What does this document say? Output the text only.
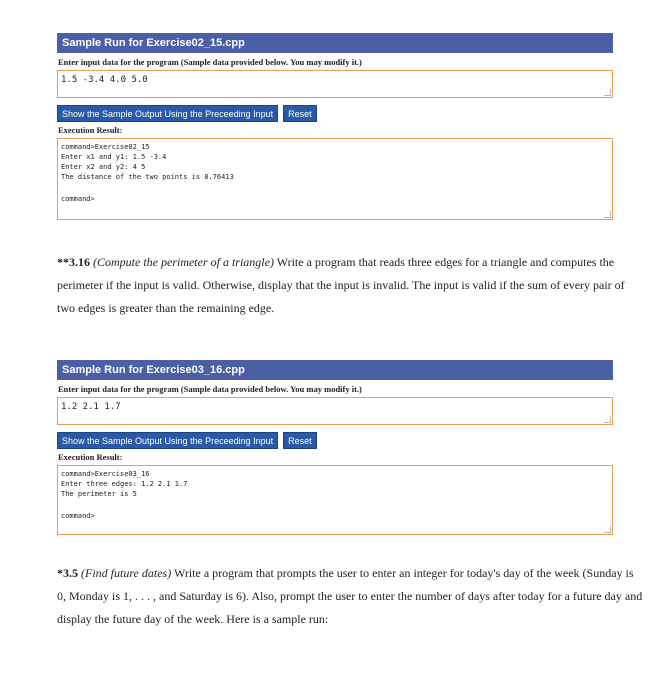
Sample Run for Exercise02_15.cpp
Enter input data for the program (Sample data provided below. You may modify it.)
1.5 -3.4 4.0 5.0
Show the Sample Output Using the Preceeding Input	Reset
Execution Result:
command>Exercise02_15
Enter x1 and y1: 1.5 -3.4
Enter x2 and y2: 4 5
The distance of the two points is 8.76413
command>
**3.16 (Compute the perimeter of a triangle) Write a program that reads three edges for a triangle and computes the perimeter if the input is valid. Otherwise, display that the input is invalid. The input is valid if the sum of every pair of two edges is greater than the remaining edge.
Sample Run for Exercise03_16.cpp
Enter input data for the program (Sample data provided below. You may modify it.)
1.2 2.1 1.7
Show the Sample Output Using the Preceeding Input	Reset
Execution Result:
command>Exercise03_16
Enter three edges: 1.2 2.1 1.7
The perimeter is 5
command>
*3.5 (Find future dates) Write a program that prompts the user to enter an integer for today's day of the week (Sunday is 0, Monday is 1, . . . , and Saturday is 6). Also, prompt the user to enter the number of days after today for a future day and display the future day of the week. Here is a sample run:
